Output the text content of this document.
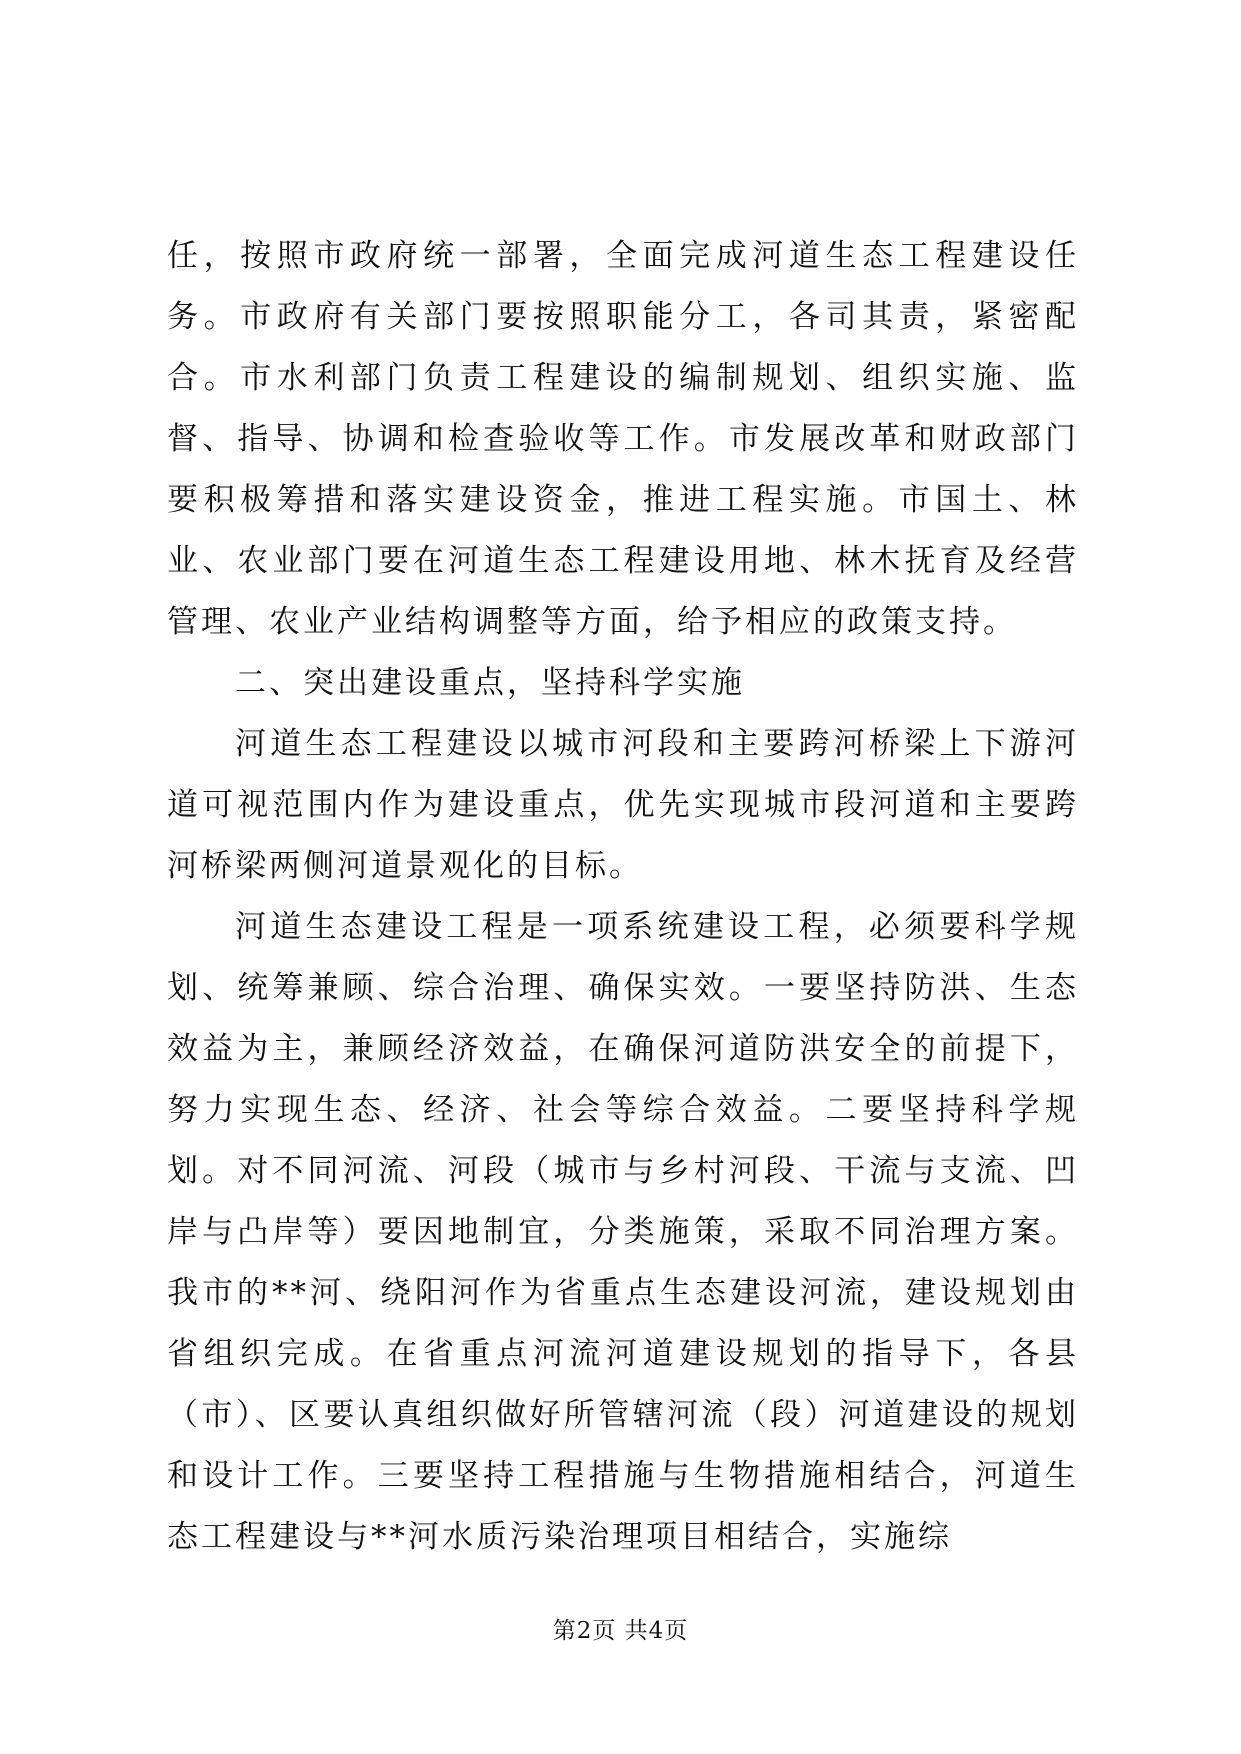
任，按照市政府统一部署，全面完成河道生态工程建设任务。市政府有关部门要按照职能分工，各司其责，紧密配合。市水利部门负责工程建设的编制规划、组织实施、监督、指导、协调和检查验收等工作。市发展改革和财政部门要积极筹措和落实建设资金，推进工程实施。市国土、林业、农业部门要在河道生态工程建设用地、林木抚育及经营管理、农业产业结构调整等方面，给予相应的政策支持。

二、突出建设重点，坚持科学实施

河道生态工程建设以城市河段和主要跨河桥梁上下游河道可视范围内作为建设重点，优先实现城市段河道和主要跨河桥梁两侧河道景观化的目标。

河道生态建设工程是一项系统建设工程，必须要科学规划、统筹兼顾、综合治理、确保实效。一要坚持防洪、生态效益为主，兼顾经济效益，在确保河道防洪安全的前提下，努力实现生态、经济、社会等综合效益。二要坚持科学规划。对不同河流、河段（城市与乡村河段、干流与支流、凹岸与凸岸等）要因地制宜，分类施策，采取不同治理方案。我市的**河、绕阳河作为省重点生态建设河流，建设规划由省组织完成。在省重点河流河道建设规划的指导下，各县（市）、区要认真组织做好所管辖河流（段）河道建设的规划和设计工作。三要坚持工程措施与生物措施相结合，河道生态工程建设与**河水质污染治理项目相结合，实施综

第2页 共4页
